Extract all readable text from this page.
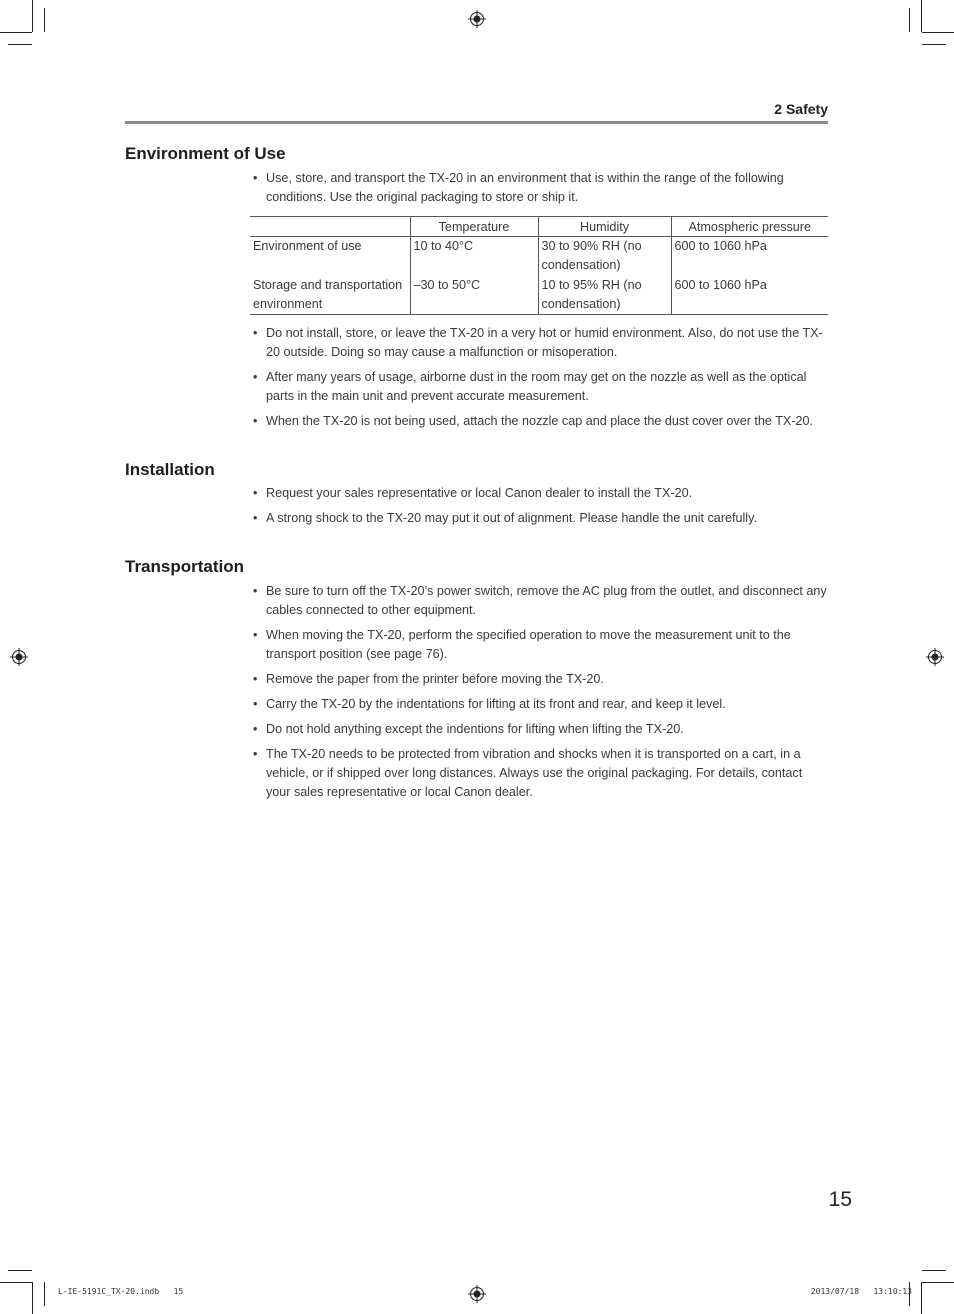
2 Safety
Environment of Use
• Use, store, and transport the TX-20 in an environment that is within the range of the following conditions. Use the original packaging to store or ship it.
	Temperature	Humidity	Atmospheric pressure
Environment of use	10 to 40°C	30 to 90% RH (no condensation)	600 to 1060 hPa
Storage and transportation environment	–30 to 50°C	10 to 95% RH (no condensation)	600 to 1060 hPa
• Do not install, store, or leave the TX-20 in a very hot or humid environment. Also, do not use the TX-20 outside. Doing so may cause a malfunction or misoperation.
• After many years of usage, airborne dust in the room may get on the nozzle as well as the optical parts in the main unit and prevent accurate measurement.
• When the TX-20 is not being used, attach the nozzle cap and place the dust cover over the TX-20.
Installation
• Request your sales representative or local Canon dealer to install the TX-20.
• A strong shock to the TX-20 may put it out of alignment. Please handle the unit carefully.
Transportation
• Be sure to turn off the TX-20’s power switch, remove the AC plug from the outlet, and disconnect any cables connected to other equipment.
• When moving the TX-20, perform the specified operation to move the measurement unit to the transport position (see page 76).
• Remove the paper from the printer before moving the TX-20.
• Carry the TX-20 by the indentations for lifting at its front and rear, and keep it level.
• Do not hold anything except the indentions for lifting when lifting the TX-20.
• The TX-20 needs to be protected from vibration and shocks when it is transported on a cart, in a vehicle, or if shipped over long distances. Always use the original packaging. For details, contact your sales representative or local Canon dealer.
15
L-IE-5191C_TX-20.indb   15	2013/07/18   13:10:13
